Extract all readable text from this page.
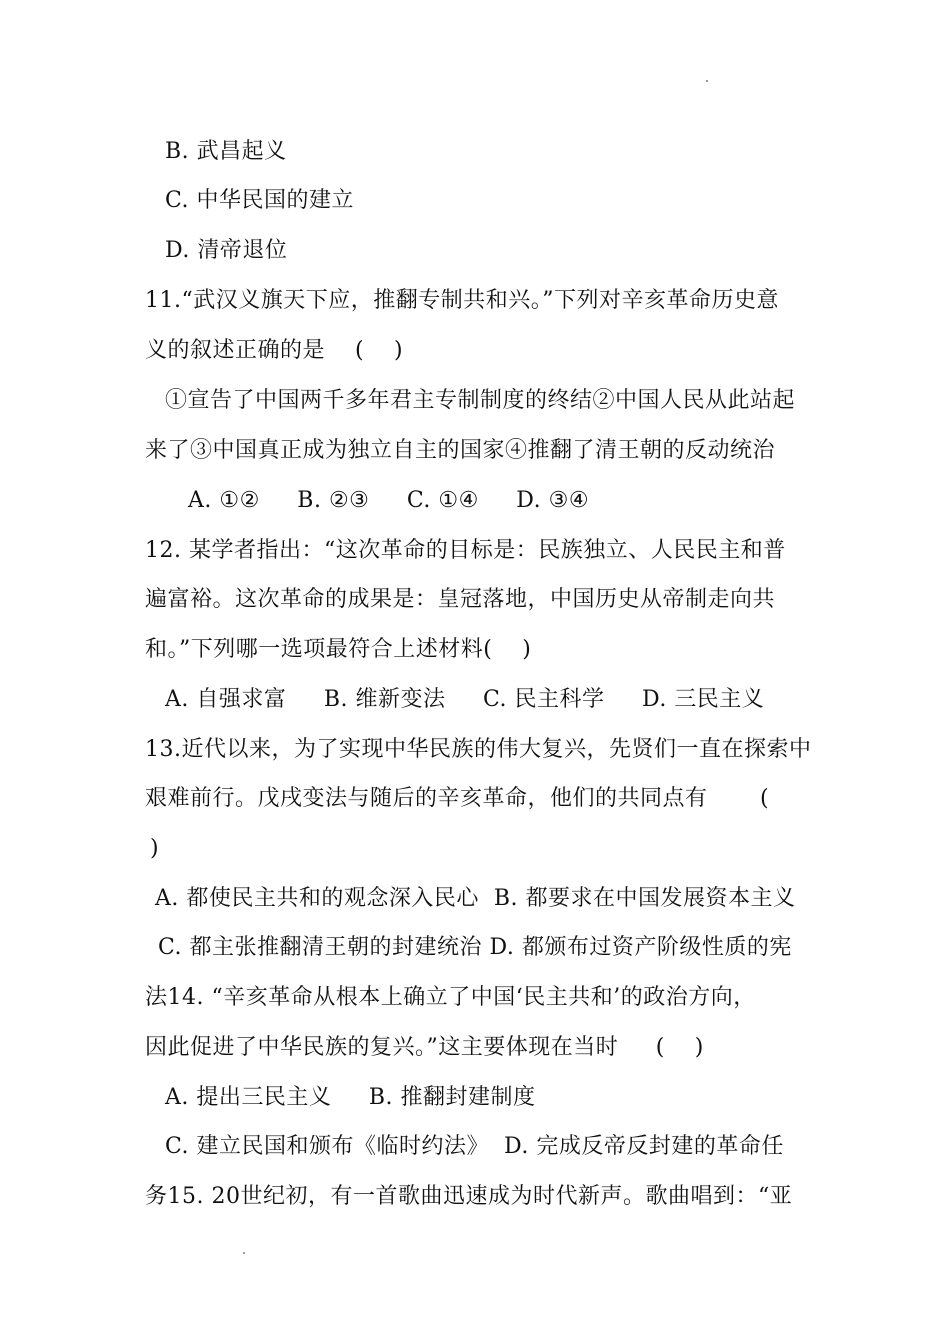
B. 武昌起义
C. 中华民国的建立
D. 清帝退位
11.“武汉义旗天下应，推翻专制共和兴。”下列对辛亥革命历史意
义的叙述正确的是    (    )
①宣告了中国两千多年君主专制制度的终结②中国人民从此站起
来了③中国真正成为独立自主的国家④推翻了清王朝的反动统治
A. ①②     B. ②③     C. ①④     D. ③④
12. 某学者指出：“这次革命的目标是：民族独立、人民民主和普
遍富裕。这次革命的成果是：皇冠落地，中国历史从帝制走向共
和。”下列哪一选项最符合上述材料(    )
A. 自强求富     B. 维新变法     C. 民主科学     D. 三民主义
13.近代以来，为了实现中华民族的伟大复兴，先贤们一直在探索中
艰难前行。戊戌变法与随后的辛亥革命，他们的共同点有       (
)
A. 都使民主共和的观念深入民心  B. 都要求在中国发展资本主义
C. 都主张推翻清王朝的封建统治 D. 都颁布过资产阶级性质的宪
法14. “辛亥革命从根本上确立了中国‘民主共和’的政治方向，
因此促进了中华民族的复兴。”这主要体现在当时     (    )
A. 提出三民主义     B. 推翻封建制度
C. 建立民国和颁布《临时约法》  D. 完成反帝反封建的革命任
务15. 20世纪初，有一首歌曲迅速成为时代新声。歌曲唱到：“亚
